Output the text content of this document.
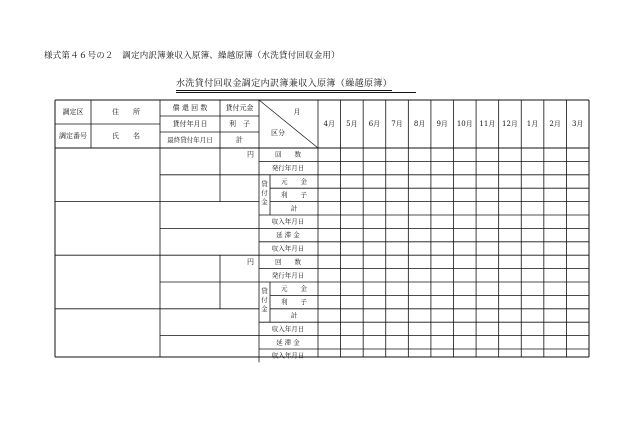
様式第４６号の２　調定内訳簿兼収入原簿、繰越原簿（水洗貸付回収金用）
水洗貸付回収金調定内訳簿兼収入原簿（繰越原簿）
調定区	住　　所
調定番号	氏　　名
償 還 回 数
貸付年月日
最終貸付年月日
貸付元金
利　子
計
月
区分
4月 5月 6月 7月 8月 9月 10月 11月 12月 1月 2月 3月
円
貸
付
金
回　　数
発行年月日
元　　金
利　　子
計
収入年月日
延 滞 金
収入年月日
円
貸
付
金
回　　数
発行年月日
元　　金
利　　子
計
収入年月日
延 滞 金
収入年月日
